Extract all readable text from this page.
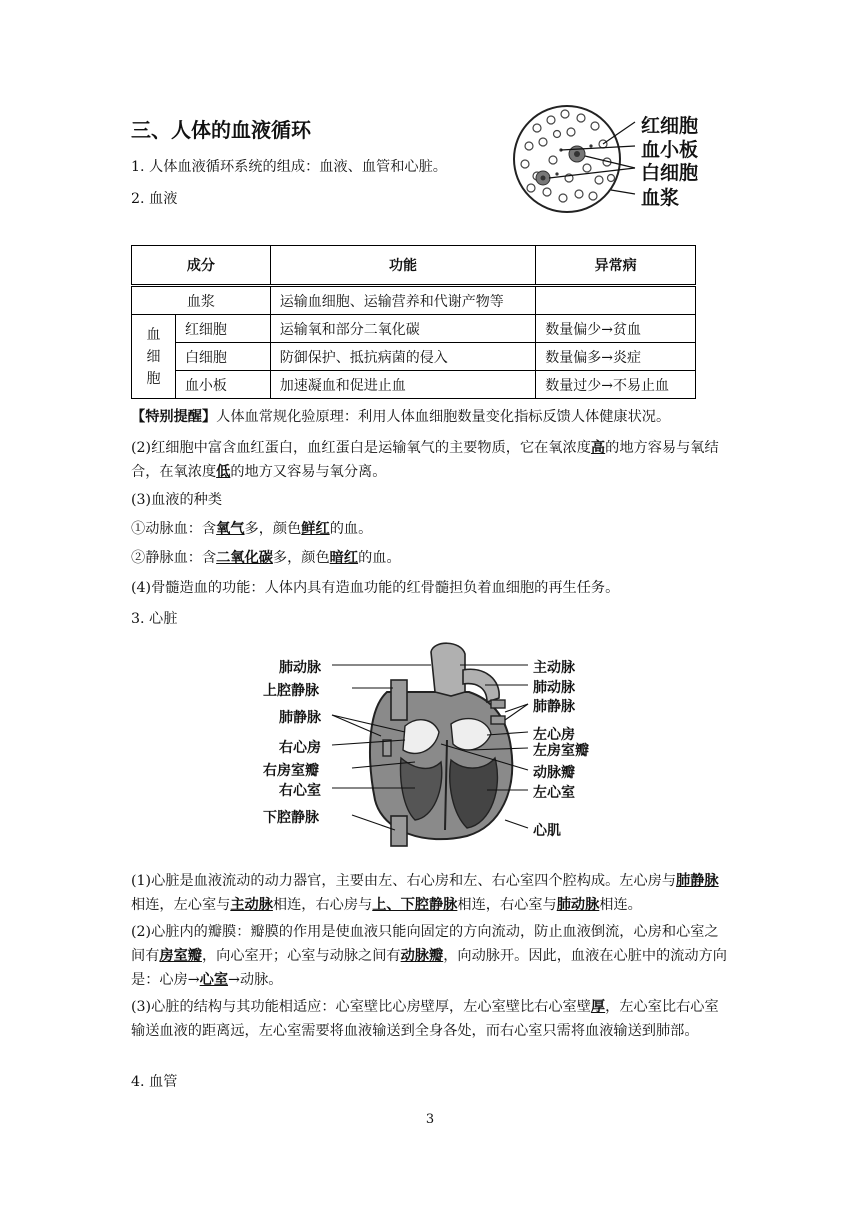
三、人体的血液循环
1. 人体血液循环系统的组成：血液、血管和心脏。
2. 血液
红细胞
血小板
白细胞
血浆
成分		功能	异常病
血浆		运输血细胞、运输营养和代谢产物等	
血
细
胞	红细胞	运输氧和部分二氧化碳	数量偏少→贫血
	白细胞	防御保护、抵抗病菌的侵入	数量偏多→炎症
	血小板	加速凝血和促进止血	数量过少→不易止血
【特别提醒】人体血常规化验原理：利用人体血细胞数量变化指标反馈人体健康状况。
(2)红细胞中富含血红蛋白，血红蛋白是运输氧气的主要物质，它在氧浓度高的地方容易与氧结合，在氧浓度低的地方又容易与氧分离。
(3)血液的种类
①动脉血：含氧气多，颜色鲜红的血。
②静脉血：含二氧化碳多，颜色暗红的血。
(4)骨髓造血的功能：人体内具有造血功能的红骨髓担负着血细胞的再生任务。
3. 心脏
肺动脉
上腔静脉
肺静脉
右心房
右房室瓣
右心室
下腔静脉
主动脉
肺动脉
肺静脉
左心房
左房室瓣
动脉瓣
左心室
心肌
(1)心脏是血液流动的动力器官，主要由左、右心房和左、右心室四个腔构成。左心房与肺静脉相连，左心室与主动脉相连，右心房与上、下腔静脉相连，右心室与肺动脉相连。
(2)心脏内的瓣膜：瓣膜的作用是使血液只能向固定的方向流动，防止血液倒流，心房和心室之间有房室瓣，向心室开；心室与动脉之间有动脉瓣，向动脉开。因此，血液在心脏中的流动方向是：心房→心室→动脉。
(3)心脏的结构与其功能相适应：心室壁比心房壁厚，左心室壁比右心室壁厚，左心室比右心室输送血液的距离远，左心室需要将血液输送到全身各处，而右心室只需将血液输送到肺部。
4. 血管
3
